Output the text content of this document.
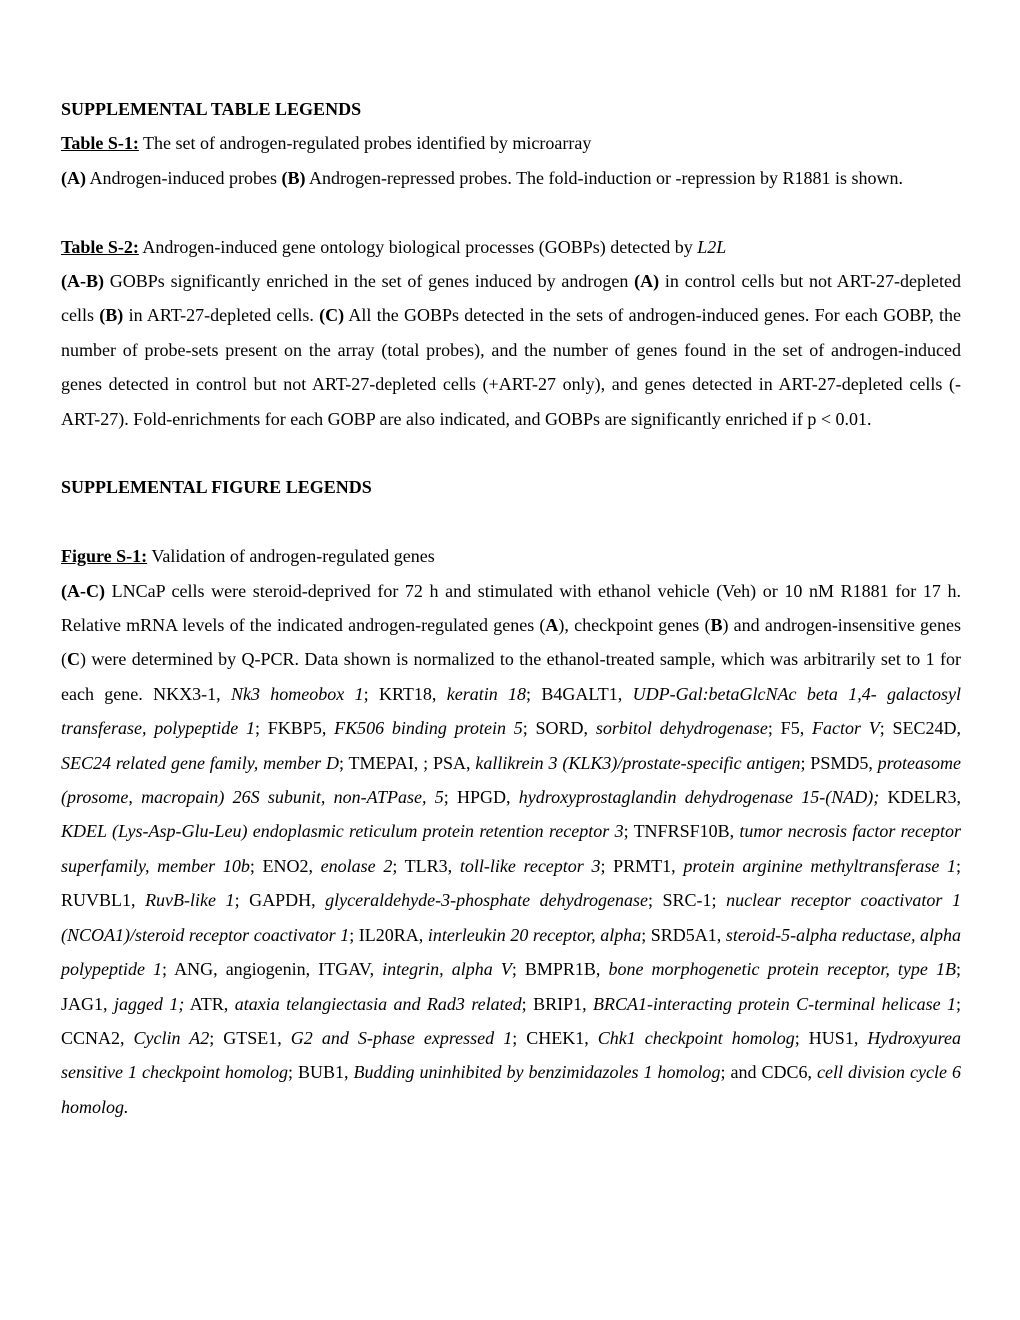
SUPPLEMENTAL TABLE LEGENDS

Table S-1: The set of androgen-regulated probes identified by microarray

(A) Androgen-induced probes (B) Androgen-repressed probes. The fold-induction or -repression by R1881 is shown.

Table S-2: Androgen-induced gene ontology biological processes (GOBPs) detected by L2L

(A-B) GOBPs significantly enriched in the set of genes induced by androgen (A) in control cells but not ART-27-depleted cells (B) in ART-27-depleted cells. (C) All the GOBPs detected in the sets of androgen-induced genes. For each GOBP, the number of probe-sets present on the array (total probes), and the number of genes found in the set of androgen-induced genes detected in control but not ART-27-depleted cells (+ART-27 only), and genes detected in ART-27-depleted cells (-ART-27). Fold-enrichments for each GOBP are also indicated, and GOBPs are significantly enriched if p < 0.01.

SUPPLEMENTAL FIGURE LEGENDS

Figure S-1: Validation of androgen-regulated genes

(A-C) LNCaP cells were steroid-deprived for 72 h and stimulated with ethanol vehicle (Veh) or 10 nM R1881 for 17 h. Relative mRNA levels of the indicated androgen-regulated genes (A), checkpoint genes (B) and androgen-insensitive genes (C) were determined by Q-PCR. Data shown is normalized to the ethanol-treated sample, which was arbitrarily set to 1 for each gene. NKX3-1, Nk3 homeobox 1; KRT18, keratin 18; B4GALT1, UDP-Gal:betaGlcNAc beta 1,4- galactosyl transferase, polypeptide 1; FKBP5, FK506 binding protein 5; SORD, sorbitol dehydrogenase; F5, Factor V; SEC24D, SEC24 related gene family, member D; TMEPAI, ; PSA, kallikrein 3 (KLK3)/prostate-specific antigen; PSMD5, proteasome (prosome, macropain) 26S subunit, non-ATPase, 5; HPGD, hydroxyprostaglandin dehydrogenase 15-(NAD); KDELR3, KDEL (Lys-Asp-Glu-Leu) endoplasmic reticulum protein retention receptor 3; TNFRSF10B, tumor necrosis factor receptor superfamily, member 10b; ENO2, enolase 2; TLR3, toll-like receptor 3; PRMT1, protein arginine methyltransferase 1; RUVBL1, RuvB-like 1; GAPDH, glyceraldehyde-3-phosphate dehydrogenase; SRC-1; nuclear receptor coactivator 1 (NCOA1)/steroid receptor coactivator 1; IL20RA, interleukin 20 receptor, alpha; SRD5A1, steroid-5-alpha reductase, alpha polypeptide 1; ANG, angiogenin, ITGAV, integrin, alpha V; BMPR1B, bone morphogenetic protein receptor, type 1B; JAG1, jagged 1; ATR, ataxia telangiectasia and Rad3 related; BRIP1, BRCA1-interacting protein C-terminal helicase 1; CCNA2, Cyclin A2; GTSE1, G2 and S-phase expressed 1; CHEK1, Chk1 checkpoint homolog; HUS1, Hydroxyurea sensitive 1 checkpoint homolog; BUB1, Budding uninhibited by benzimidazoles 1 homolog; and CDC6, cell division cycle 6 homolog.
